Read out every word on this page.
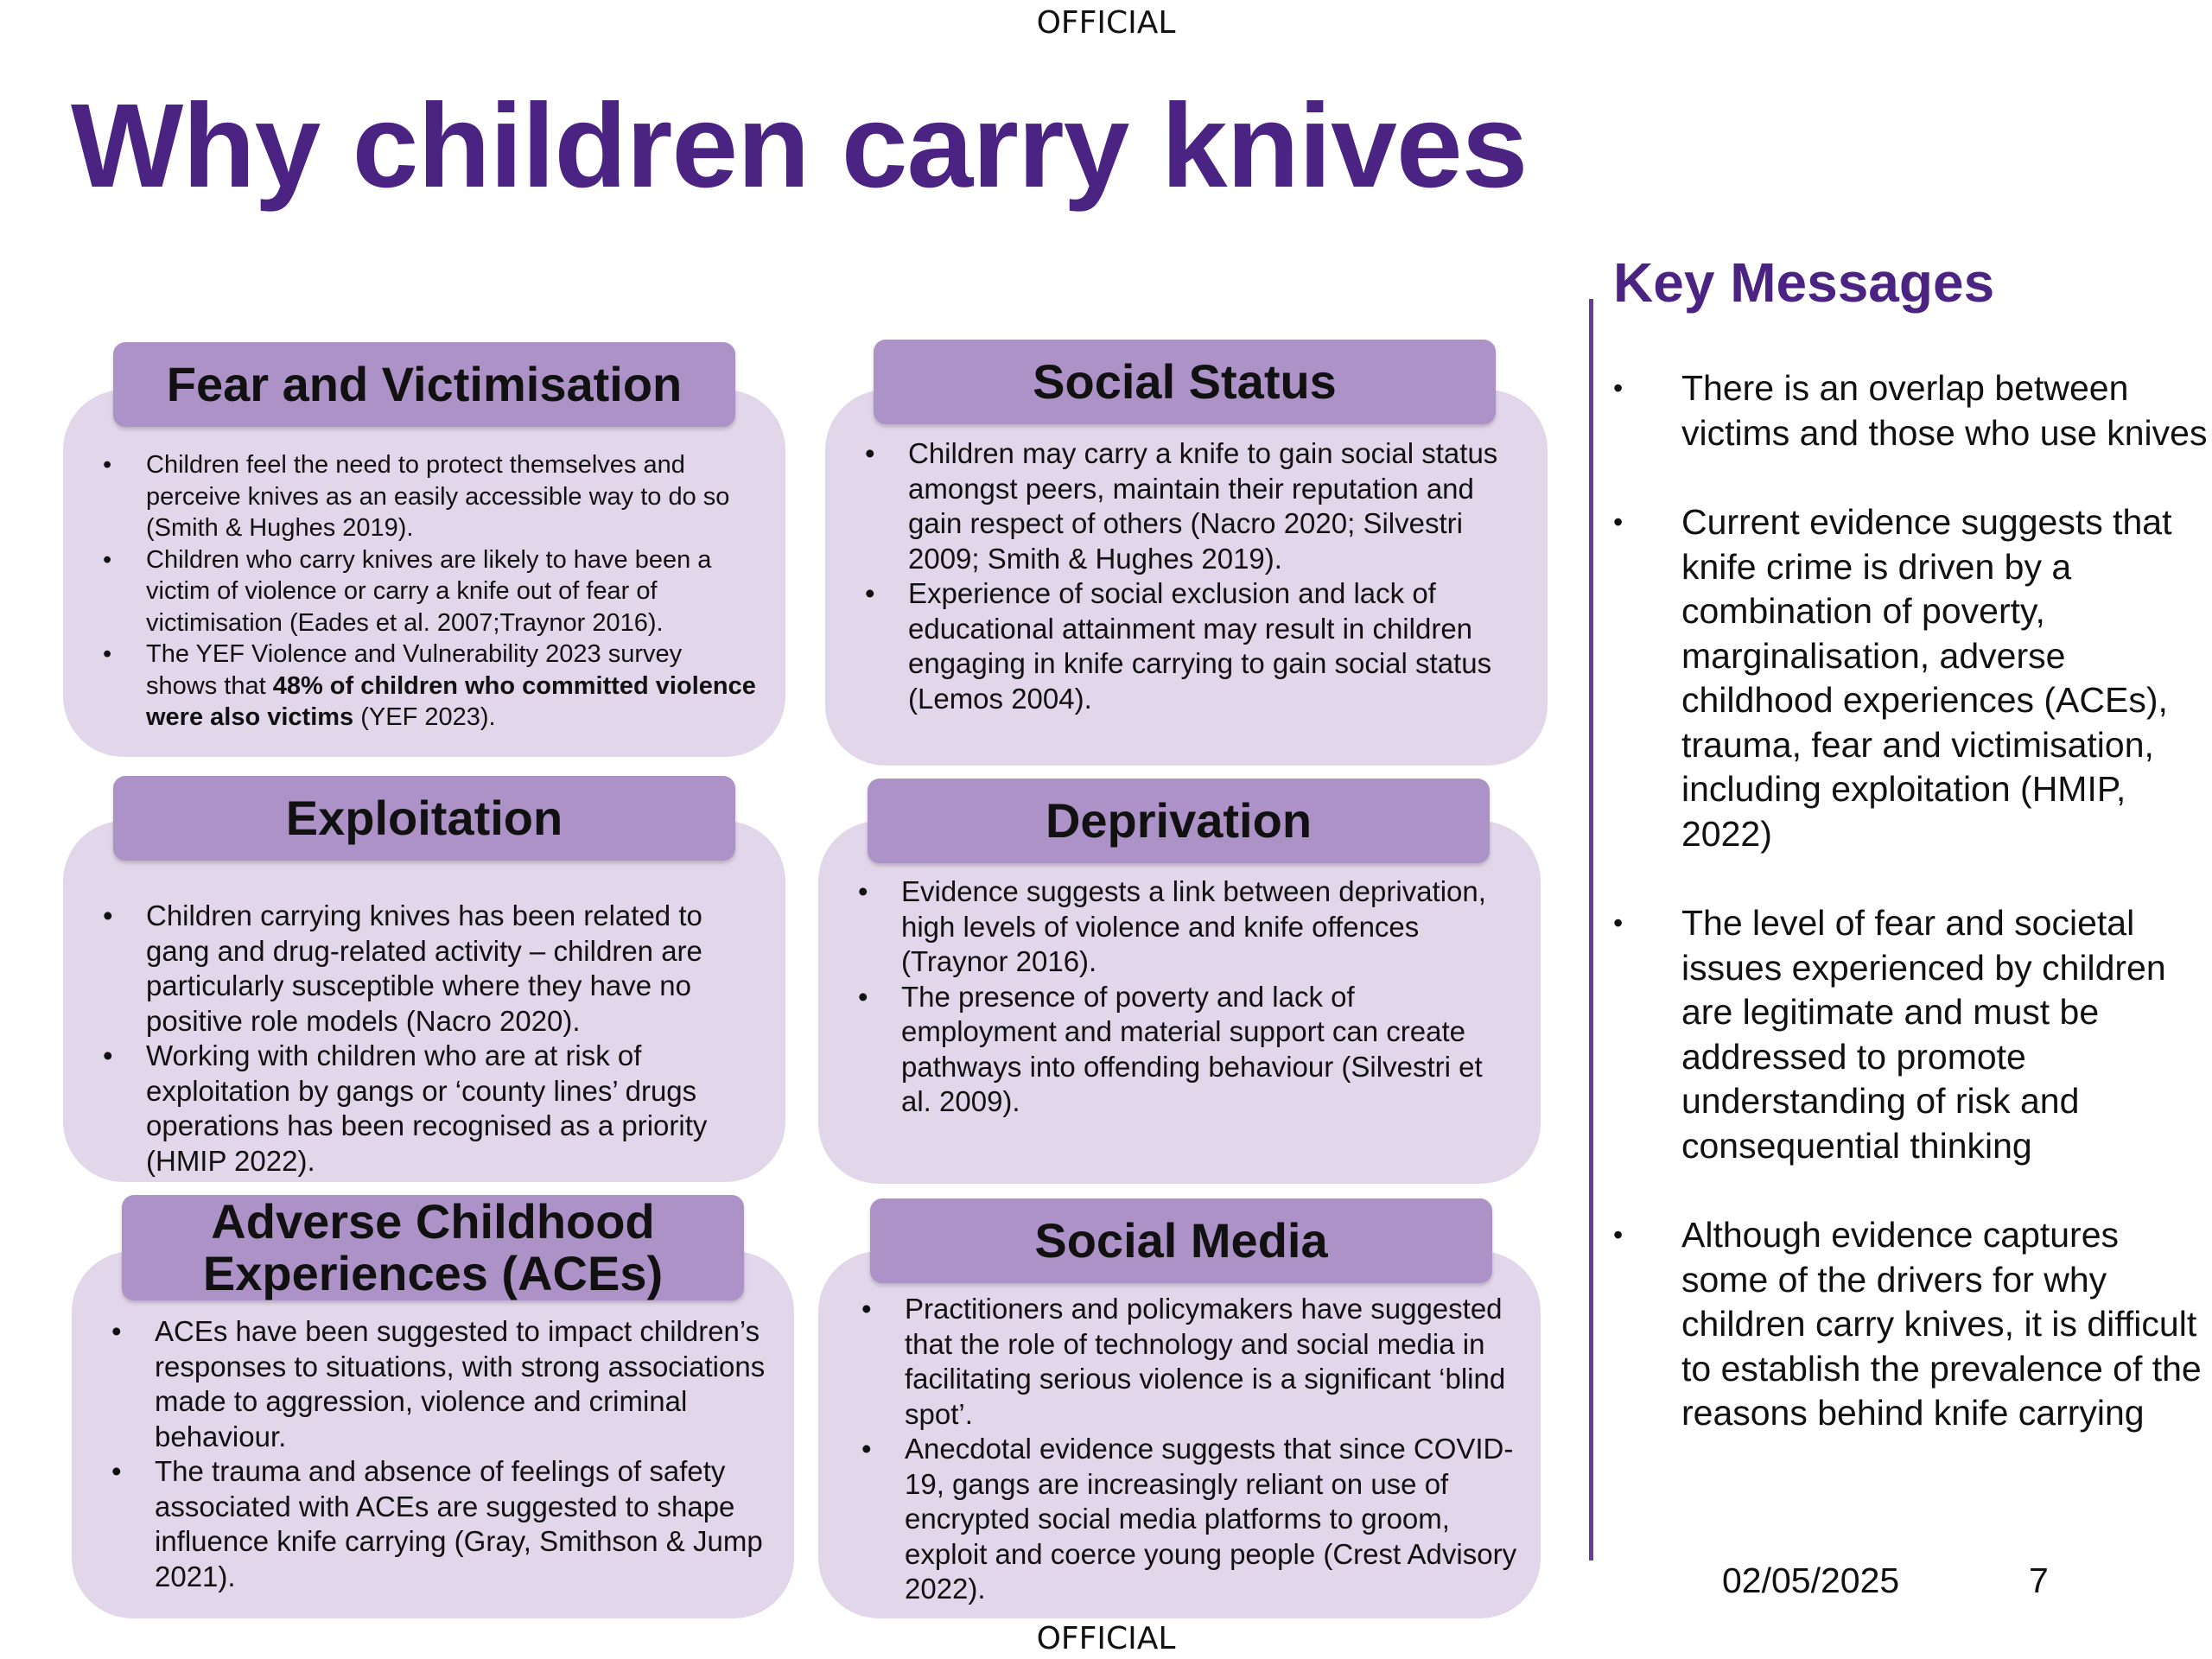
OFFICIAL
Why children carry knives
Fear and Victimisation
• Children feel the need to protect themselves and perceive knives as an easily accessible way to do so (Smith & Hughes 2019).
• Children who carry knives are likely to have been a victim of violence or carry a knife out of fear of victimisation (Eades et al. 2007;Traynor 2016).
• The YEF Violence and Vulnerability 2023 survey shows that 48% of children who committed violence were also victims (YEF 2023).
Social Status
• Children may carry a knife to gain social status amongst peers, maintain their reputation and gain respect of others (Nacro 2020; Silvestri 2009; Smith & Hughes 2019).
• Experience of social exclusion and lack of educational attainment may result in children engaging in knife carrying to gain social status (Lemos 2004).
Exploitation
• Children carrying knives has been related to gang and drug-related activity – children are particularly susceptible where they have no positive role models (Nacro 2020).
• Working with children who are at risk of exploitation by gangs or ‘county lines’ drugs operations has been recognised as a priority (HMIP 2022).
Deprivation
• Evidence suggests a link between deprivation, high levels of violence and knife offences (Traynor 2016).
• The presence of poverty and lack of employment and material support can create pathways into offending behaviour (Silvestri et al. 2009).
Adverse Childhood
Experiences (ACEs)
• ACEs have been suggested to impact children’s responses to situations, with strong associations made to aggression, violence and criminal behaviour.
• The trauma and absence of feelings of safety associated with ACEs are suggested to shape influence knife carrying (Gray, Smithson & Jump 2021).
Social Media
• Practitioners and policymakers have suggested that the role of technology and social media in facilitating serious violence is a significant ‘blind spot’.
• Anecdotal evidence suggests that since COVID-19, gangs are increasingly reliant on use of encrypted social media platforms to groom, exploit and coerce young people (Crest Advisory 2022).
Key Messages
• There is an overlap between victims and those who use knives
• Current evidence suggests that knife crime is driven by a combination of poverty, marginalisation, adverse childhood experiences (ACEs), trauma, fear and victimisation, including exploitation (HMIP, 2022)
• The level of fear and societal issues experienced by children are legitimate and must be addressed to promote understanding of risk and consequential thinking
• Although evidence captures some of the drivers for why children carry knives, it is difficult to establish the prevalence of the reasons behind knife carrying
02/05/2025	7
OFFICIAL
